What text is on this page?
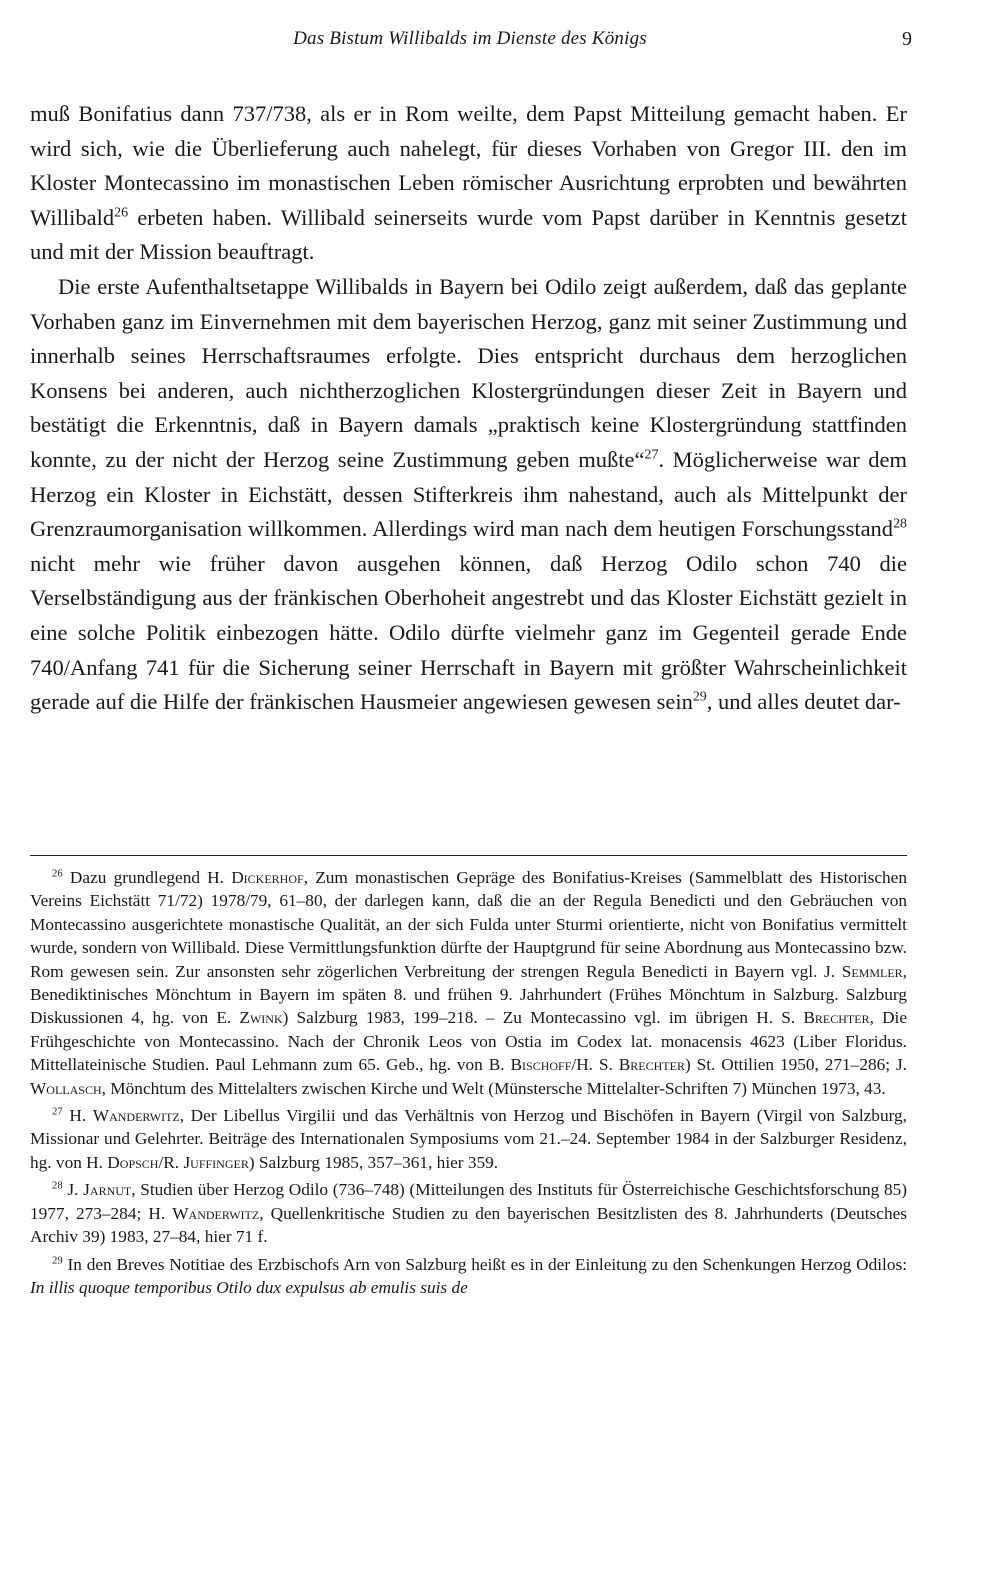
Das Bistum Willibalds im Dienste des Königs	9

muß Bonifatius dann 737/738, als er in Rom weilte, dem Papst Mitteilung gemacht haben. Er wird sich, wie die Überlieferung auch nahelegt, für dieses Vorhaben von Gregor III. den im Kloster Montecassino im monastischen Leben römischer Ausrichtung erprobten und bewährten Willibald$^{26}$ erbeten haben. Willibald seinerseits wurde vom Papst darüber in Kenntnis gesetzt und mit der Mission beauftragt.

Die erste Aufenthaltsetappe Willibalds in Bayern bei Odilo zeigt außerdem, daß das geplante Vorhaben ganz im Einvernehmen mit dem bayerischen Herzog, ganz mit seiner Zustimmung und innerhalb seines Herrschaftsraumes erfolgte. Dies entspricht durchaus dem herzoglichen Konsens bei anderen, auch nichtherzoglichen Klostergründungen dieser Zeit in Bayern und bestätigt die Erkenntnis, daß in Bayern damals „praktisch keine Klostergründung stattfinden konnte, zu der nicht der Herzog seine Zustimmung geben mußte“$^{27}$. Möglicherweise war dem Herzog ein Kloster in Eichstätt, dessen Stifterkreis ihm nahestand, auch als Mittelpunkt der Grenzraumorganisation willkommen. Allerdings wird man nach dem heutigen Forschungsstand$^{28}$ nicht mehr wie früher davon ausgehen können, daß Herzog Odilo schon 740 die Verselbständigung aus der fränkischen Oberhoheit angestrebt und das Kloster Eichstätt gezielt in eine solche Politik einbezogen hätte. Odilo dürfte vielmehr ganz im Gegenteil gerade Ende 740/Anfang 741 für die Sicherung seiner Herrschaft in Bayern mit größter Wahrscheinlichkeit gerade auf die Hilfe der fränkischen Hausmeier angewiesen gewesen sein$^{29}$, und alles deutet dar-

$^{26}$ Dazu grundlegend H. Dickerhof, Zum monastischen Gepräge des Bonifatius-Kreises (Sammelblatt des Historischen Vereins Eichstätt 71/72) 1978/79, 61–80, der darlegen kann, daß die an der Regula Benedicti und den Gebräuchen von Montecassino ausgerichtete monastische Qualität, an der sich Fulda unter Sturmi orientierte, nicht von Bonifatius vermittelt wurde, sondern von Willibald. Diese Vermittlungsfunktion dürfte der Hauptgrund für seine Abordnung aus Montecassino bzw. Rom gewesen sein. Zur ansonsten sehr zögerlichen Verbreitung der strengen Regula Benedicti in Bayern vgl. J. Semmler, Benediktinisches Mönchtum in Bayern im späten 8. und frühen 9. Jahrhundert (Frühes Mönchtum in Salzburg. Salzburg Diskussionen 4, hg. von E. Zwink) Salzburg 1983, 199–218. – Zu Montecassino vgl. im übrigen H. S. Brechter, Die Frühgeschichte von Montecassino. Nach der Chronik Leos von Ostia im Codex lat. monacensis 4623 (Liber Floridus. Mittellateinische Studien. Paul Lehmann zum 65. Geb., hg. von B. Bischoff/H. S. Brechter) St. Ottilien 1950, 271–286; J. Wollasch, Mönchtum des Mittelalters zwischen Kirche und Welt (Münstersche Mittelalter-Schriften 7) München 1973, 43.

$^{27}$ H. Wanderwitz, Der Libellus Virgilii und das Verhältnis von Herzog und Bischöfen in Bayern (Virgil von Salzburg, Missionar und Gelehrter. Beiträge des Internationalen Symposiums vom 21.–24. September 1984 in der Salzburger Residenz, hg. von H. Dopsch/R. Juffinger) Salzburg 1985, 357–361, hier 359.

$^{28}$ J. Jarnut, Studien über Herzog Odilo (736–748) (Mitteilungen des Instituts für Österreichische Geschichtsforschung 85) 1977, 273–284; H. Wanderwitz, Quellenkritische Studien zu den bayerischen Besitzlisten des 8. Jahrhunderts (Deutsches Archiv 39) 1983, 27–84, hier 71 f.

$^{29}$ In den Breves Notitiae des Erzbischofs Arn von Salzburg heißt es in der Einleitung zu den Schenkungen Herzog Odilos: In illis quoque temporibus Otilo dux expulsus ab emulis suis de
